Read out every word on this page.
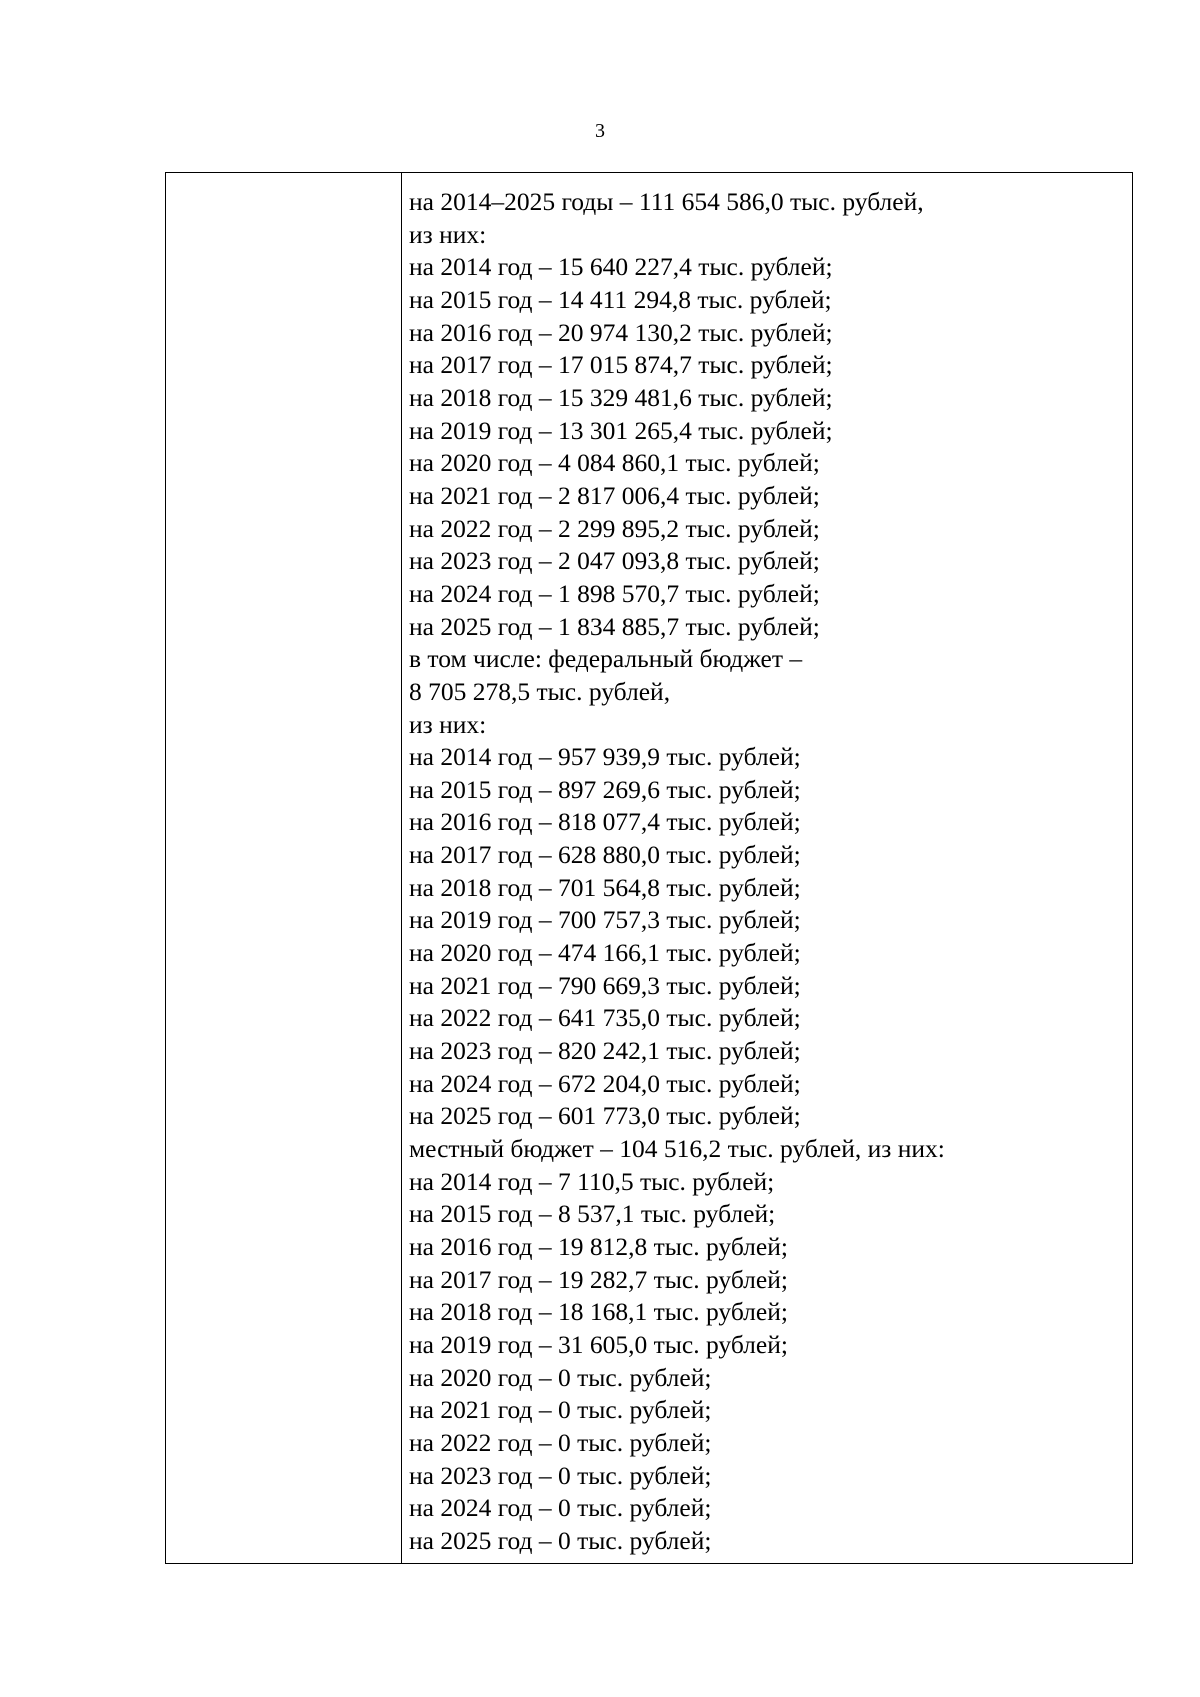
3
на 2014–2025 годы – 111 654 586,0 тыс. рублей,
из них:
на 2014 год – 15 640 227,4 тыс. рублей;
на 2015 год – 14 411 294,8 тыс. рублей;
на 2016 год – 20 974 130,2 тыс. рублей;
на 2017 год – 17 015 874,7 тыс. рублей;
на 2018 год – 15 329 481,6 тыс. рублей;
на 2019 год – 13 301 265,4 тыс. рублей;
на 2020 год – 4 084 860,1 тыс. рублей;
на 2021 год – 2 817 006,4 тыс. рублей;
на 2022 год – 2 299 895,2 тыс. рублей;
на 2023 год – 2 047 093,8 тыс. рублей;
на 2024 год – 1 898 570,7 тыс. рублей;
на 2025 год – 1 834 885,7 тыс. рублей;
в том числе: федеральный бюджет –
8 705 278,5 тыс. рублей,
из них:
на 2014 год – 957 939,9 тыс. рублей;
на 2015 год – 897 269,6 тыс. рублей;
на 2016 год – 818 077,4 тыс. рублей;
на 2017 год – 628 880,0 тыс. рублей;
на 2018 год – 701 564,8 тыс. рублей;
на 2019 год – 700 757,3 тыс. рублей;
на 2020 год – 474 166,1 тыс. рублей;
на 2021 год – 790 669,3 тыс. рублей;
на 2022 год – 641 735,0 тыс. рублей;
на 2023 год – 820 242,1 тыс. рублей;
на 2024 год – 672 204,0 тыс. рублей;
на 2025 год – 601 773,0 тыс. рублей;
местный бюджет – 104 516,2 тыс. рублей, из них:
на 2014 год – 7 110,5 тыс. рублей;
на 2015 год – 8 537,1 тыс. рублей;
на 2016 год – 19 812,8 тыс. рублей;
на 2017 год – 19 282,7 тыс. рублей;
на 2018 год – 18 168,1 тыс. рублей;
на 2019 год – 31 605,0 тыс. рублей;
на 2020 год – 0 тыс. рублей;
на 2021 год – 0 тыс. рублей;
на 2022 год – 0 тыс. рублей;
на 2023 год – 0 тыс. рублей;
на 2024 год – 0 тыс. рублей;
на 2025 год – 0 тыс. рублей;
